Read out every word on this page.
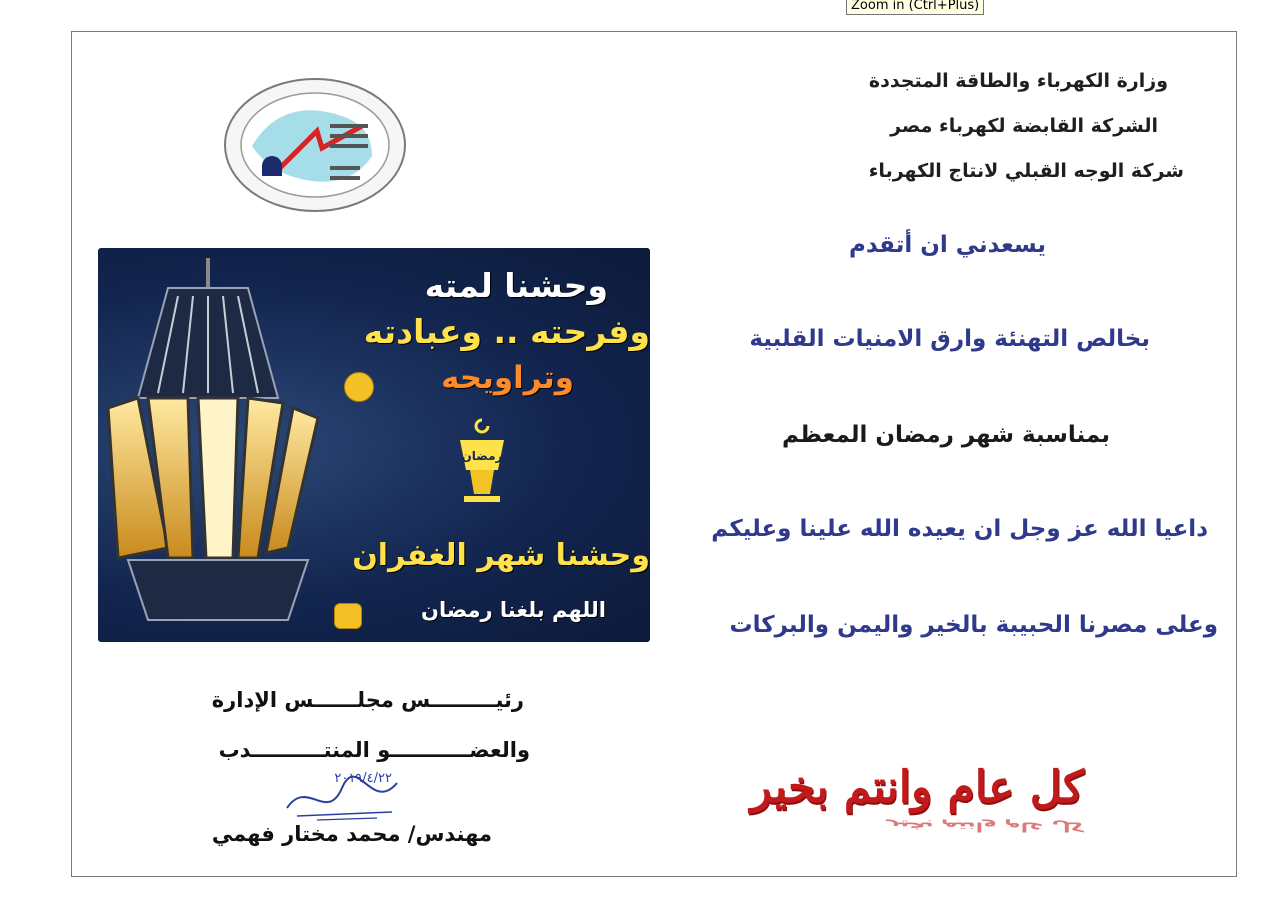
Zoom in (Ctrl+Plus)
وزارة الكهرباء والطاقة المتجددة
الشركة القابضة لكهرباء مصر
شركة الوجه القبلي لانتاج الكهرباء
يسعدني ان أتقدم
بخالص التهنئة وارق الامنيات القلبية
بمناسبة شهر رمضان المعظم
داعيا الله عز وجل ان يعيده الله علينا وعليكم
وعلى مصرنا الحبيبة بالخير واليمن والبركات
وحشنا لمته
وفرحته .. وعبادته
وتراويحه
رمضان
وحشنا شهر الغفران
اللهم بلغنا رمضان
رئيـــــــــس مجلــــــس الإدارة
والعضـــــــــــو المنتــــــــــدب
٢٠١٩/٤/٢٢
مهندس/ محمد مختار فهمي
كل عام وانتم بخير
كل عام وانتم بخير
